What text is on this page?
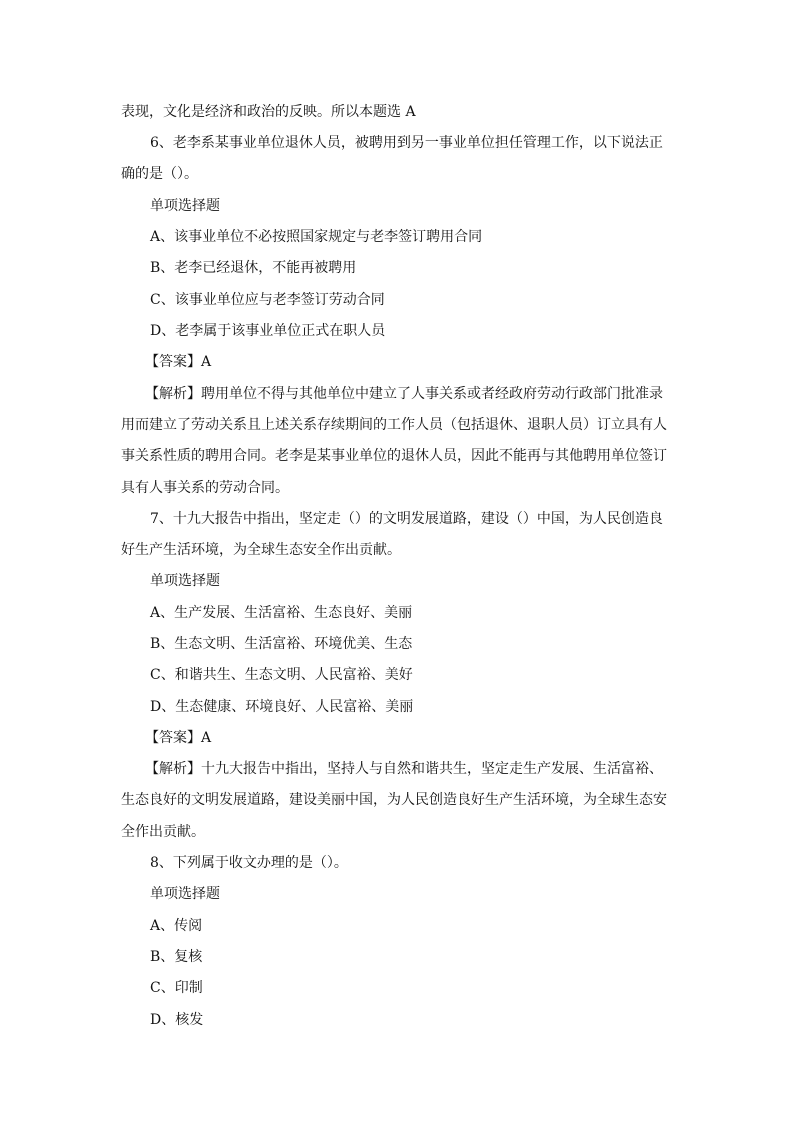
表现，文化是经济和政治的反映。所以本题选 A
6、老李系某事业单位退休人员，被聘用到另一事业单位担任管理工作，以下说法正
确的是（）。
单项选择题
A、该事业单位不必按照国家规定与老李签订聘用合同
B、老李已经退休，不能再被聘用
C、该事业单位应与老李签订劳动合同
D、老李属于该事业单位正式在职人员
【答案】A
【解析】聘用单位不得与其他单位中建立了人事关系或者经政府劳动行政部门批准录
用而建立了劳动关系且上述关系存续期间的工作人员（包括退休、退职人员）订立具有人
事关系性质的聘用合同。老李是某事业单位的退休人员，因此不能再与其他聘用单位签订
具有人事关系的劳动合同。
7、十九大报告中指出，坚定走（）的文明发展道路，建设（）中国，为人民创造良
好生产生活环境，为全球生态安全作出贡献。
单项选择题
A、生产发展、生活富裕、生态良好、美丽
B、生态文明、生活富裕、环境优美、生态
C、和谐共生、生态文明、人民富裕、美好
D、生态健康、环境良好、人民富裕、美丽
【答案】A
【解析】十九大报告中指出，坚持人与自然和谐共生，坚定走生产发展、生活富裕、
生态良好的文明发展道路，建设美丽中国，为人民创造良好生产生活环境，为全球生态安
全作出贡献。
8、下列属于收文办理的是（）。
单项选择题
A、传阅
B、复核
C、印制
D、核发
